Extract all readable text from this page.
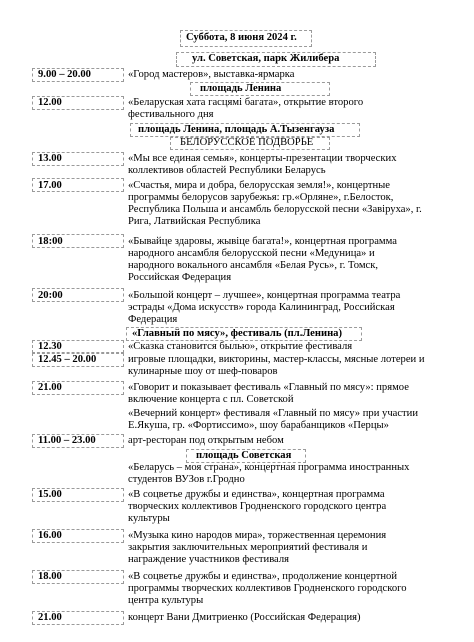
Суббота, 8 июня 2024 г.
ул. Советская, парк Жилибера
9.00 – 20.00	«Город мастеров», выставка-ярмарка
площадь Ленина
12.00	«Беларуская хата гасцямі багата», открытие второго
фестивального дня
площадь Ленина, площадь А.Тызенгауза
БЕЛОРУССКОЕ ПОДВОРЬЕ
13.00	«Мы все единая семья», концерты-презентации творческих
коллективов областей Республики Беларусь
17.00	«Счастья, мира и добра, белорусская земля!», концертные
программы белорусов зарубежья: гр.«Орляне», г.Белосток,
Республика Польша и ансамбль белорусской песни «Завіруха», г.
Рига, Латвийская Республика
18:00	«Бывайце здаровы, жывіце багата!», концертная программа
народного ансамбля белорусской песни «Медуница» и
народного вокального ансамбля «Белая Русь», г. Томск,
Российская Федерация
20:00	«Большой концерт – лучшее», концертная программа театра
эстрады «Дома искусств» города Калининград, Российская
Федерация
«Главный по мясу», фестиваль (пл.Ленина)
12.30	«Сказка становится былью», открытие фестиваля
12.45 – 20.00	игровые площадки, викторины, мастер-классы, мясные лотереи и
кулинарные шоу от шеф-поваров
21.00	«Говорит и показывает фестиваль «Главный по мясу»: прямое
включение концерта с пл. Советской
«Вечерний концерт» фестиваля «Главный по мясу» при участии
Е.Якуша, гр. «Фортиссимо», шоу барабанщиков «Перцы»
11.00 – 23.00	арт-ресторан под открытым небом
площадь Советская
«Беларусь – моя страна», концертная программа иностранных
студентов ВУЗов г.Гродно
15.00	«В соцветье дружбы и единства», концертная программа
творческих коллективов Гродненского городского центра
культуры
16.00	«Музыка кино народов мира», торжественная церемония
закрытия заключительных мероприятий фестиваля и
награждение участников фестиваля
18.00	«В соцветье дружбы и единства», продолжение концертной
программы творческих коллективов Гродненского городского
центра культуры
21.00	концерт Вани Дмитриенко (Российская Федерация)
